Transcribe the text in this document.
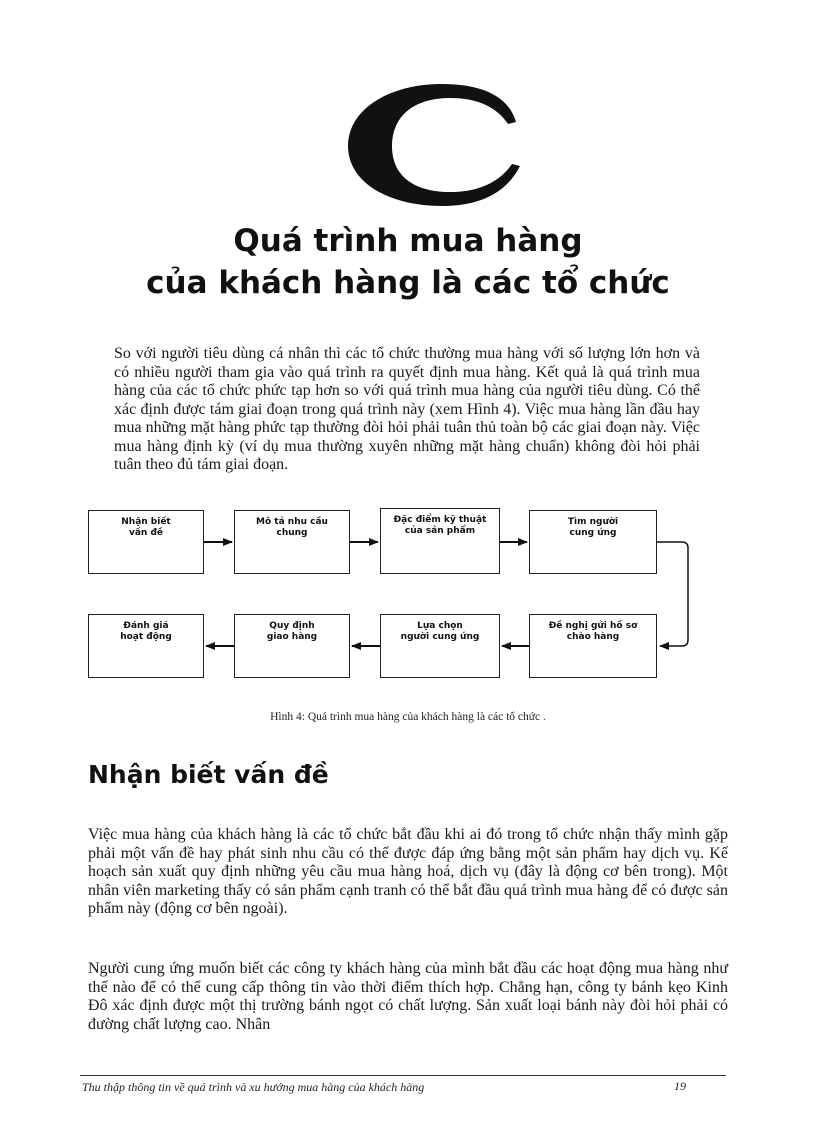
C
Quá trình mua hàng
của khách hàng là các tổ chức

So với người tiêu dùng cá nhân thì các tổ chức thường mua hàng với số lượng lớn hơn và có nhiều người tham gia vào quá trình ra quyết định mua hàng. Kết quả là quá trình mua hàng của các tổ chức phức tạp hơn so với quá trình mua hàng của người tiêu dùng. Có thể xác định được tám giai đoạn trong quá trình này (xem Hình 4). Việc mua hàng lần đầu hay mua những mặt hàng phức tạp thường đòi hỏi phải tuân thủ toàn bộ các giai đoạn này. Việc mua hàng định kỳ (ví dụ mua thường xuyên những mặt hàng chuẩn) không đòi hỏi phải tuân theo đủ tám giai đoạn.

Nhận biết
vấn đề
Mô tả nhu cầu
chung
Đặc điểm kỹ thuật
của sản phẩm
Tìm người
cung ứng
Đề nghị gửi hồ sơ
chào hàng
Lựa chọn
người cung ứng
Quy định
giao hàng
Đánh giá
hoạt động
Hình 4: Quá trình mua hàng của khách hàng là các tổ chức .
Nhận biết vấn đề

Việc mua hàng của khách hàng là các tổ chức bắt đầu khi ai đó trong tổ chức nhận thấy mình gặp phải một vấn đề hay phát sinh nhu cầu có thể được đáp ứng bằng một sản phẩm hay dịch vụ. Kế hoạch sản xuất quy định những yêu cầu mua hàng hoá, dịch vụ (đây là động cơ bên trong). Một nhân viên marketing thấy có sản phẩm cạnh tranh có thể bắt đầu quá trình mua hàng để có được sản phẩm này (động cơ bên ngoài).

Người cung ứng muốn biết các công ty khách hàng của mình bắt đầu các hoạt động mua hàng như thế nào để có thể cung cấp thông tin vào thời điểm thích hợp. Chẳng hạn, công ty bánh kẹo Kinh Đô xác định được một thị trường bánh ngọt có chất lượng. Sản xuất loại bánh này đòi hỏi phải có đường chất lượng cao. Nhân

Thu thập thông tin về quá trình và xu hướng mua hàng của khách hàng	19
